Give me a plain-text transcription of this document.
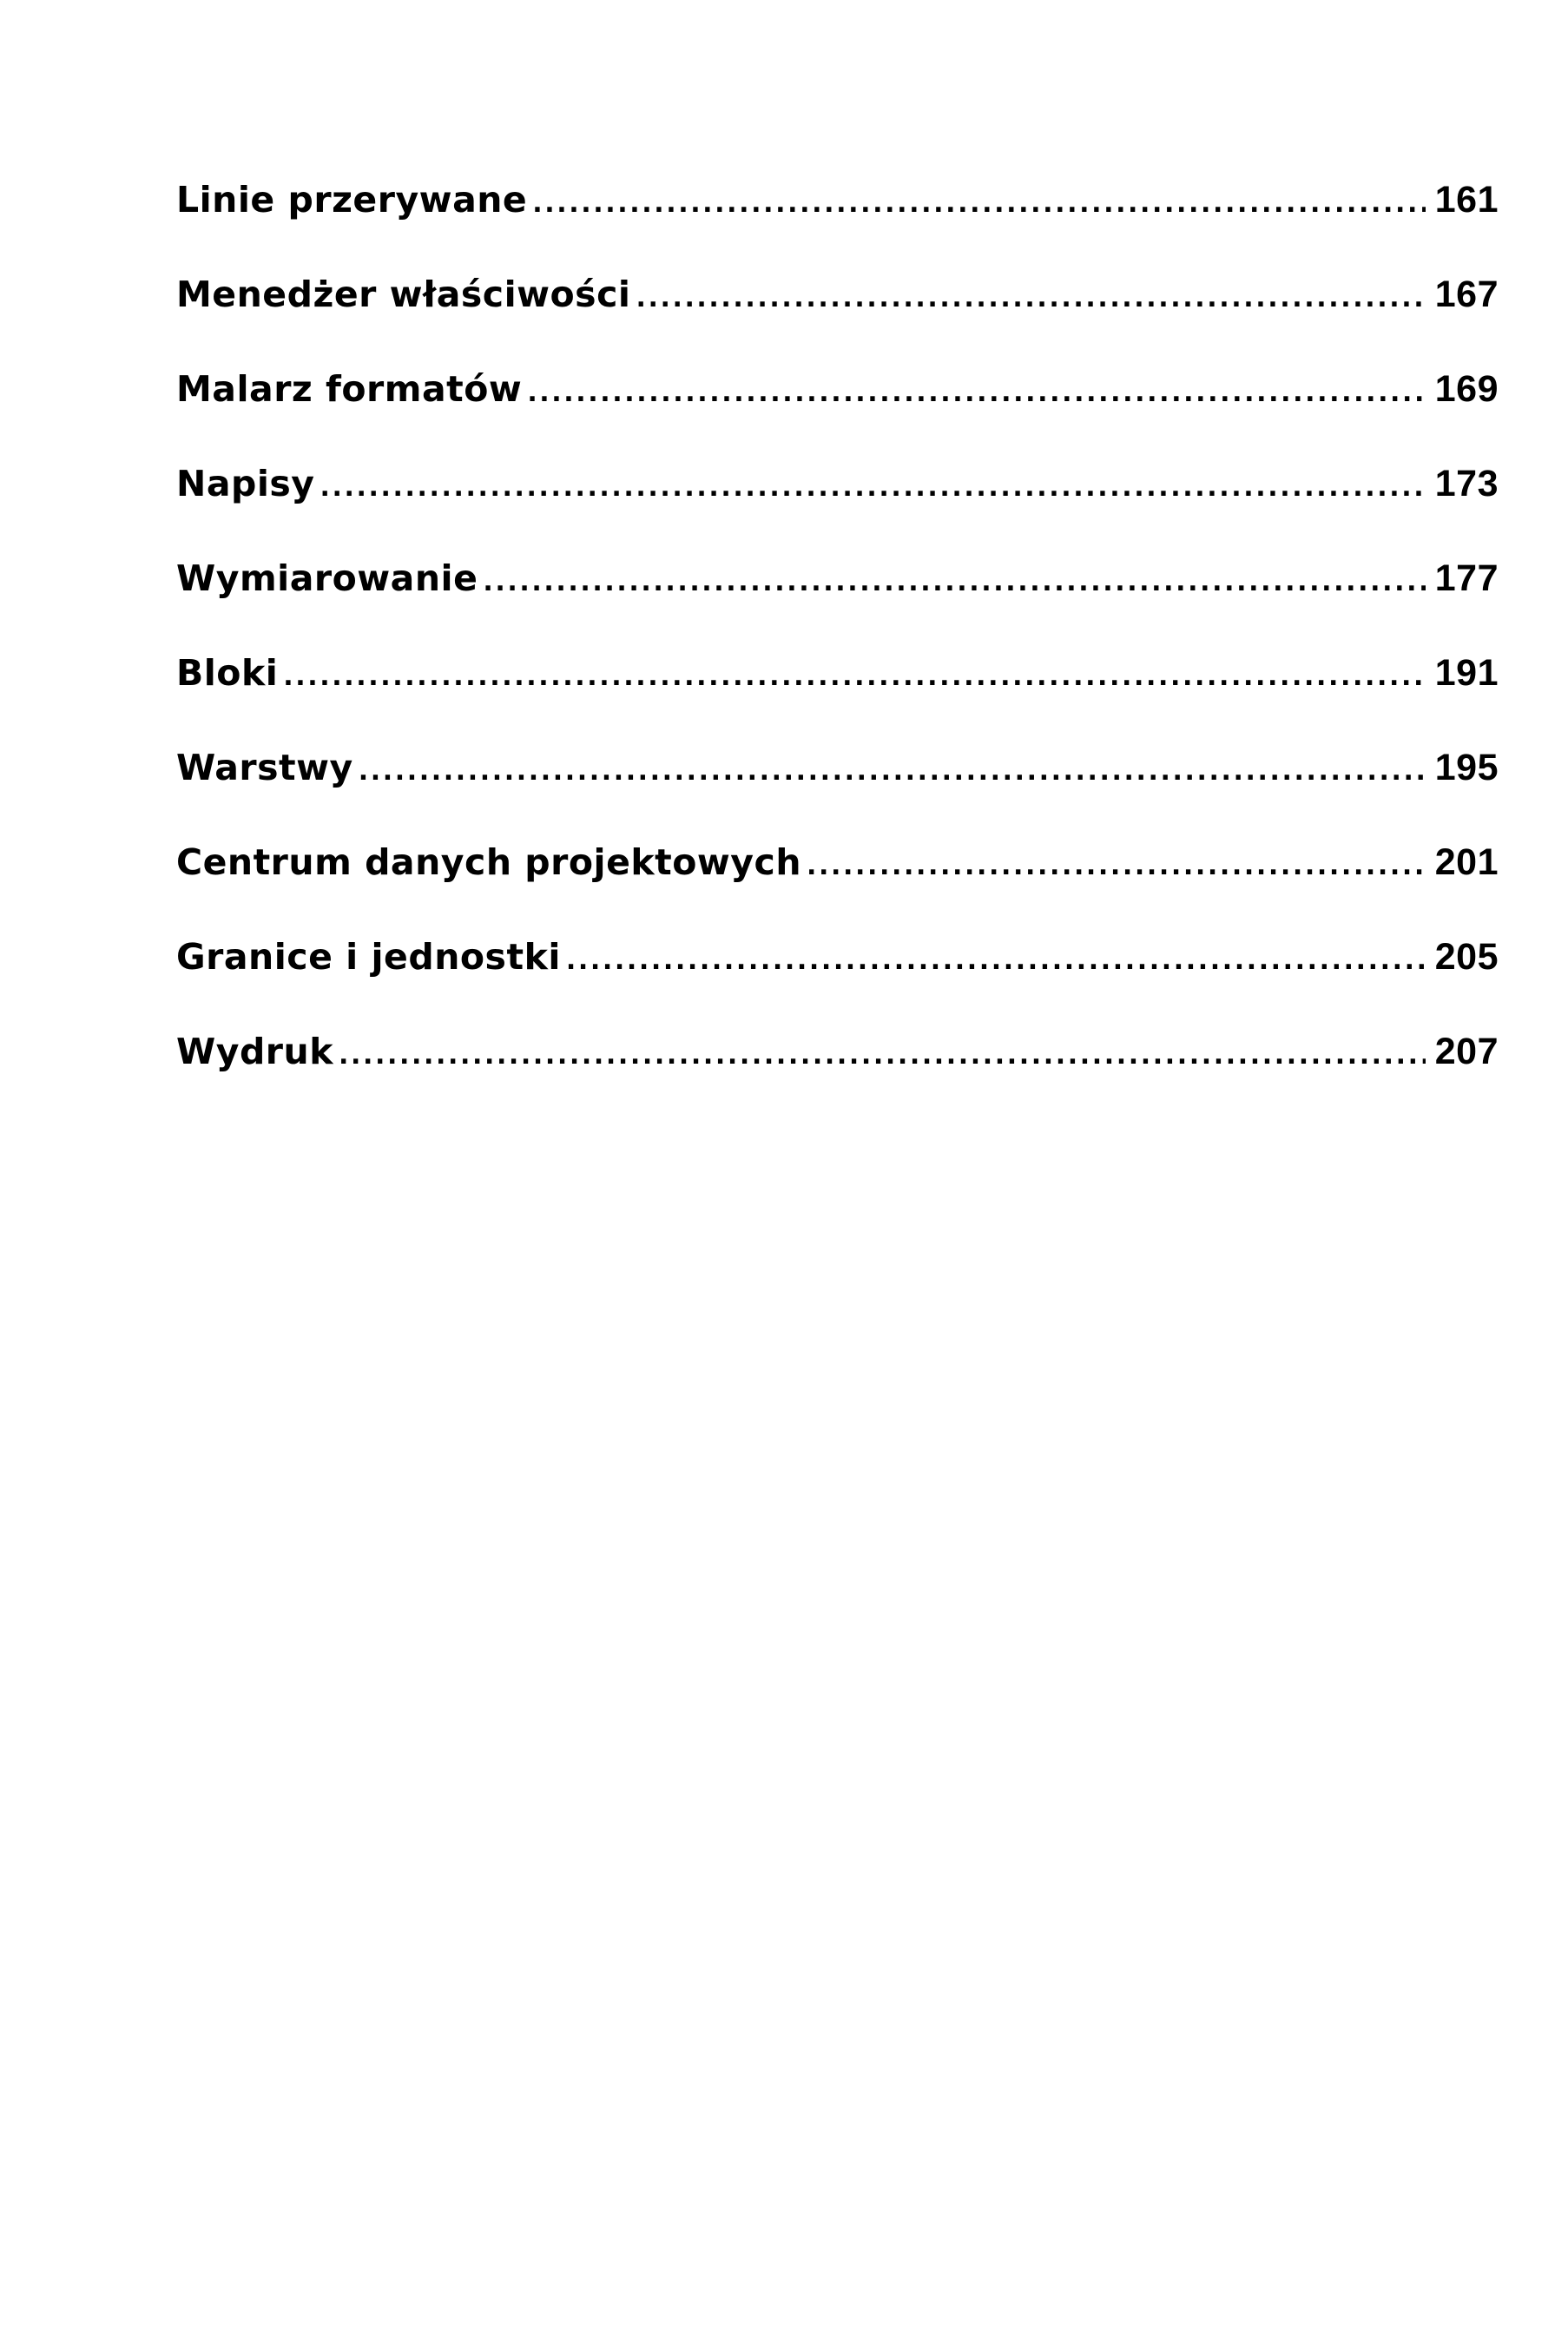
Linie przerywane .....	161
Menedżer właściwości .....	167
Malarz formatów .....	169
Napisy .....	173
Wymiarowanie .....	177
Bloki .....	191
Warstwy .....	195
Centrum danych projektowych .....	201
Granice i jednostki .....	205
Wydruk .....	207
